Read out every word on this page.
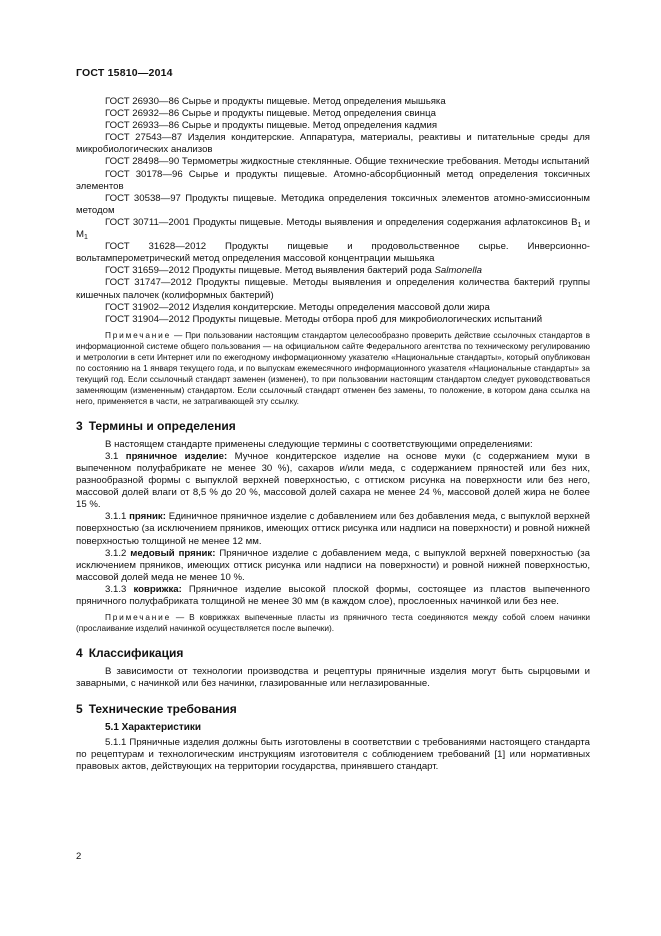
ГОСТ 15810—2014

ГОСТ 26930—86 Сырье и продукты пищевые. Метод определения мышьяка

ГОСТ 26932—86 Сырье и продукты пищевые. Метод определения свинца

ГОСТ 26933—86 Сырье и продукты пищевые. Метод определения кадмия

ГОСТ 27543—87 Изделия кондитерские. Аппаратура, материалы, реактивы и питательные среды для микробиологических анализов

ГОСТ 28498—90 Термометры жидкостные стеклянные. Общие технические требования. Методы испытаний

ГОСТ 30178—96 Сырье и продукты пищевые. Атомно-абсорбционный метод определения токсичных элементов

ГОСТ 30538—97 Продукты пищевые. Методика определения токсичных элементов атомно-эмиссионным методом

ГОСТ 30711—2001 Продукты пищевые. Методы выявления и определения содержания афлатоксинов $B_1$ и $M_1$

ГОСТ 31628—2012 Продукты пищевые и продовольственное сырье. Инверсионно-вольтамперометрический метод определения массовой концентрации мышьяка

ГОСТ 31659—2012 Продукты пищевые. Метод выявления бактерий рода Salmonella

ГОСТ 31747—2012 Продукты пищевые. Методы выявления и определения количества бактерий группы кишечных палочек (колиформных бактерий)

ГОСТ 31902—2012 Изделия кондитерские. Методы определения массовой доли жира

ГОСТ 31904—2012 Продукты пищевые. Методы отбора проб для микробиологических испытаний

Примечание — При пользовании настоящим стандартом целесообразно проверить действие ссылочных стандартов в информационной системе общего пользования — на официальном сайте Федерального агентства по техническому регулированию и метрологии в сети Интернет или по ежегодному информационному указателю «Национальные стандарты», который опубликован по состоянию на 1 января текущего года, и по выпускам ежемесячного информационного указателя «Национальные стандарты» за текущий год. Если ссылочный стандарт заменен (изменен), то при пользовании настоящим стандартом следует руководствоваться заменяющим (измененным) стандартом. Если ссылочный стандарт отменен без замены, то положение, в котором дана ссылка на него, применяется в части, не затрагивающей эту ссылку.

3 Термины и определения

В настоящем стандарте применены следующие термины с соответствующими определениями:

3.1 пряничное изделие: Мучное кондитерское изделие на основе муки (с содержанием муки в выпеченном полуфабрикате не менее 30 %), сахаров и/или меда, с содержанием пряностей или без них, разнообразной формы с выпуклой верхней поверхностью, с оттиском рисунка на поверхности или без него, массовой долей влаги от 8,5 % до 20 %, массовой долей сахара не менее 24 %, массовой долей жира не более 15 %.

3.1.1 пряник: Единичное пряничное изделие с добавлением или без добавления меда, с выпуклой верхней поверхностью (за исключением пряников, имеющих оттиск рисунка или надписи на поверхности) и ровной нижней поверхностью толщиной не менее 12 мм.

3.1.2 медовый пряник: Пряничное изделие с добавлением меда, с выпуклой верхней поверхностью (за исключением пряников, имеющих оттиск рисунка или надписи на поверхности) и ровной нижней поверхностью, массовой долей меда не менее 10 %.

3.1.3 коврижка: Пряничное изделие высокой плоской формы, состоящее из пластов выпеченного пряничного полуфабриката толщиной не менее 30 мм (в каждом слое), прослоенных начинкой или без нее.

Примечание — В коврижках выпеченные пласты из пряничного теста соединяются между собой слоем начинки (прослаивание изделий начинкой осуществляется после выпечки).

4 Классификация

В зависимости от технологии производства и рецептуры пряничные изделия могут быть сырцовыми и заварными, с начинкой или без начинки, глазированные или неглазированные.

5 Технические требования
5.1 Характеристики

5.1.1 Пряничные изделия должны быть изготовлены в соответствии с требованиями настоящего стандарта по рецептурам и технологическим инструкциям изготовителя с соблюдением требований [1] или нормативных правовых актов, действующих на территории государства, принявшего стандарт.

2
